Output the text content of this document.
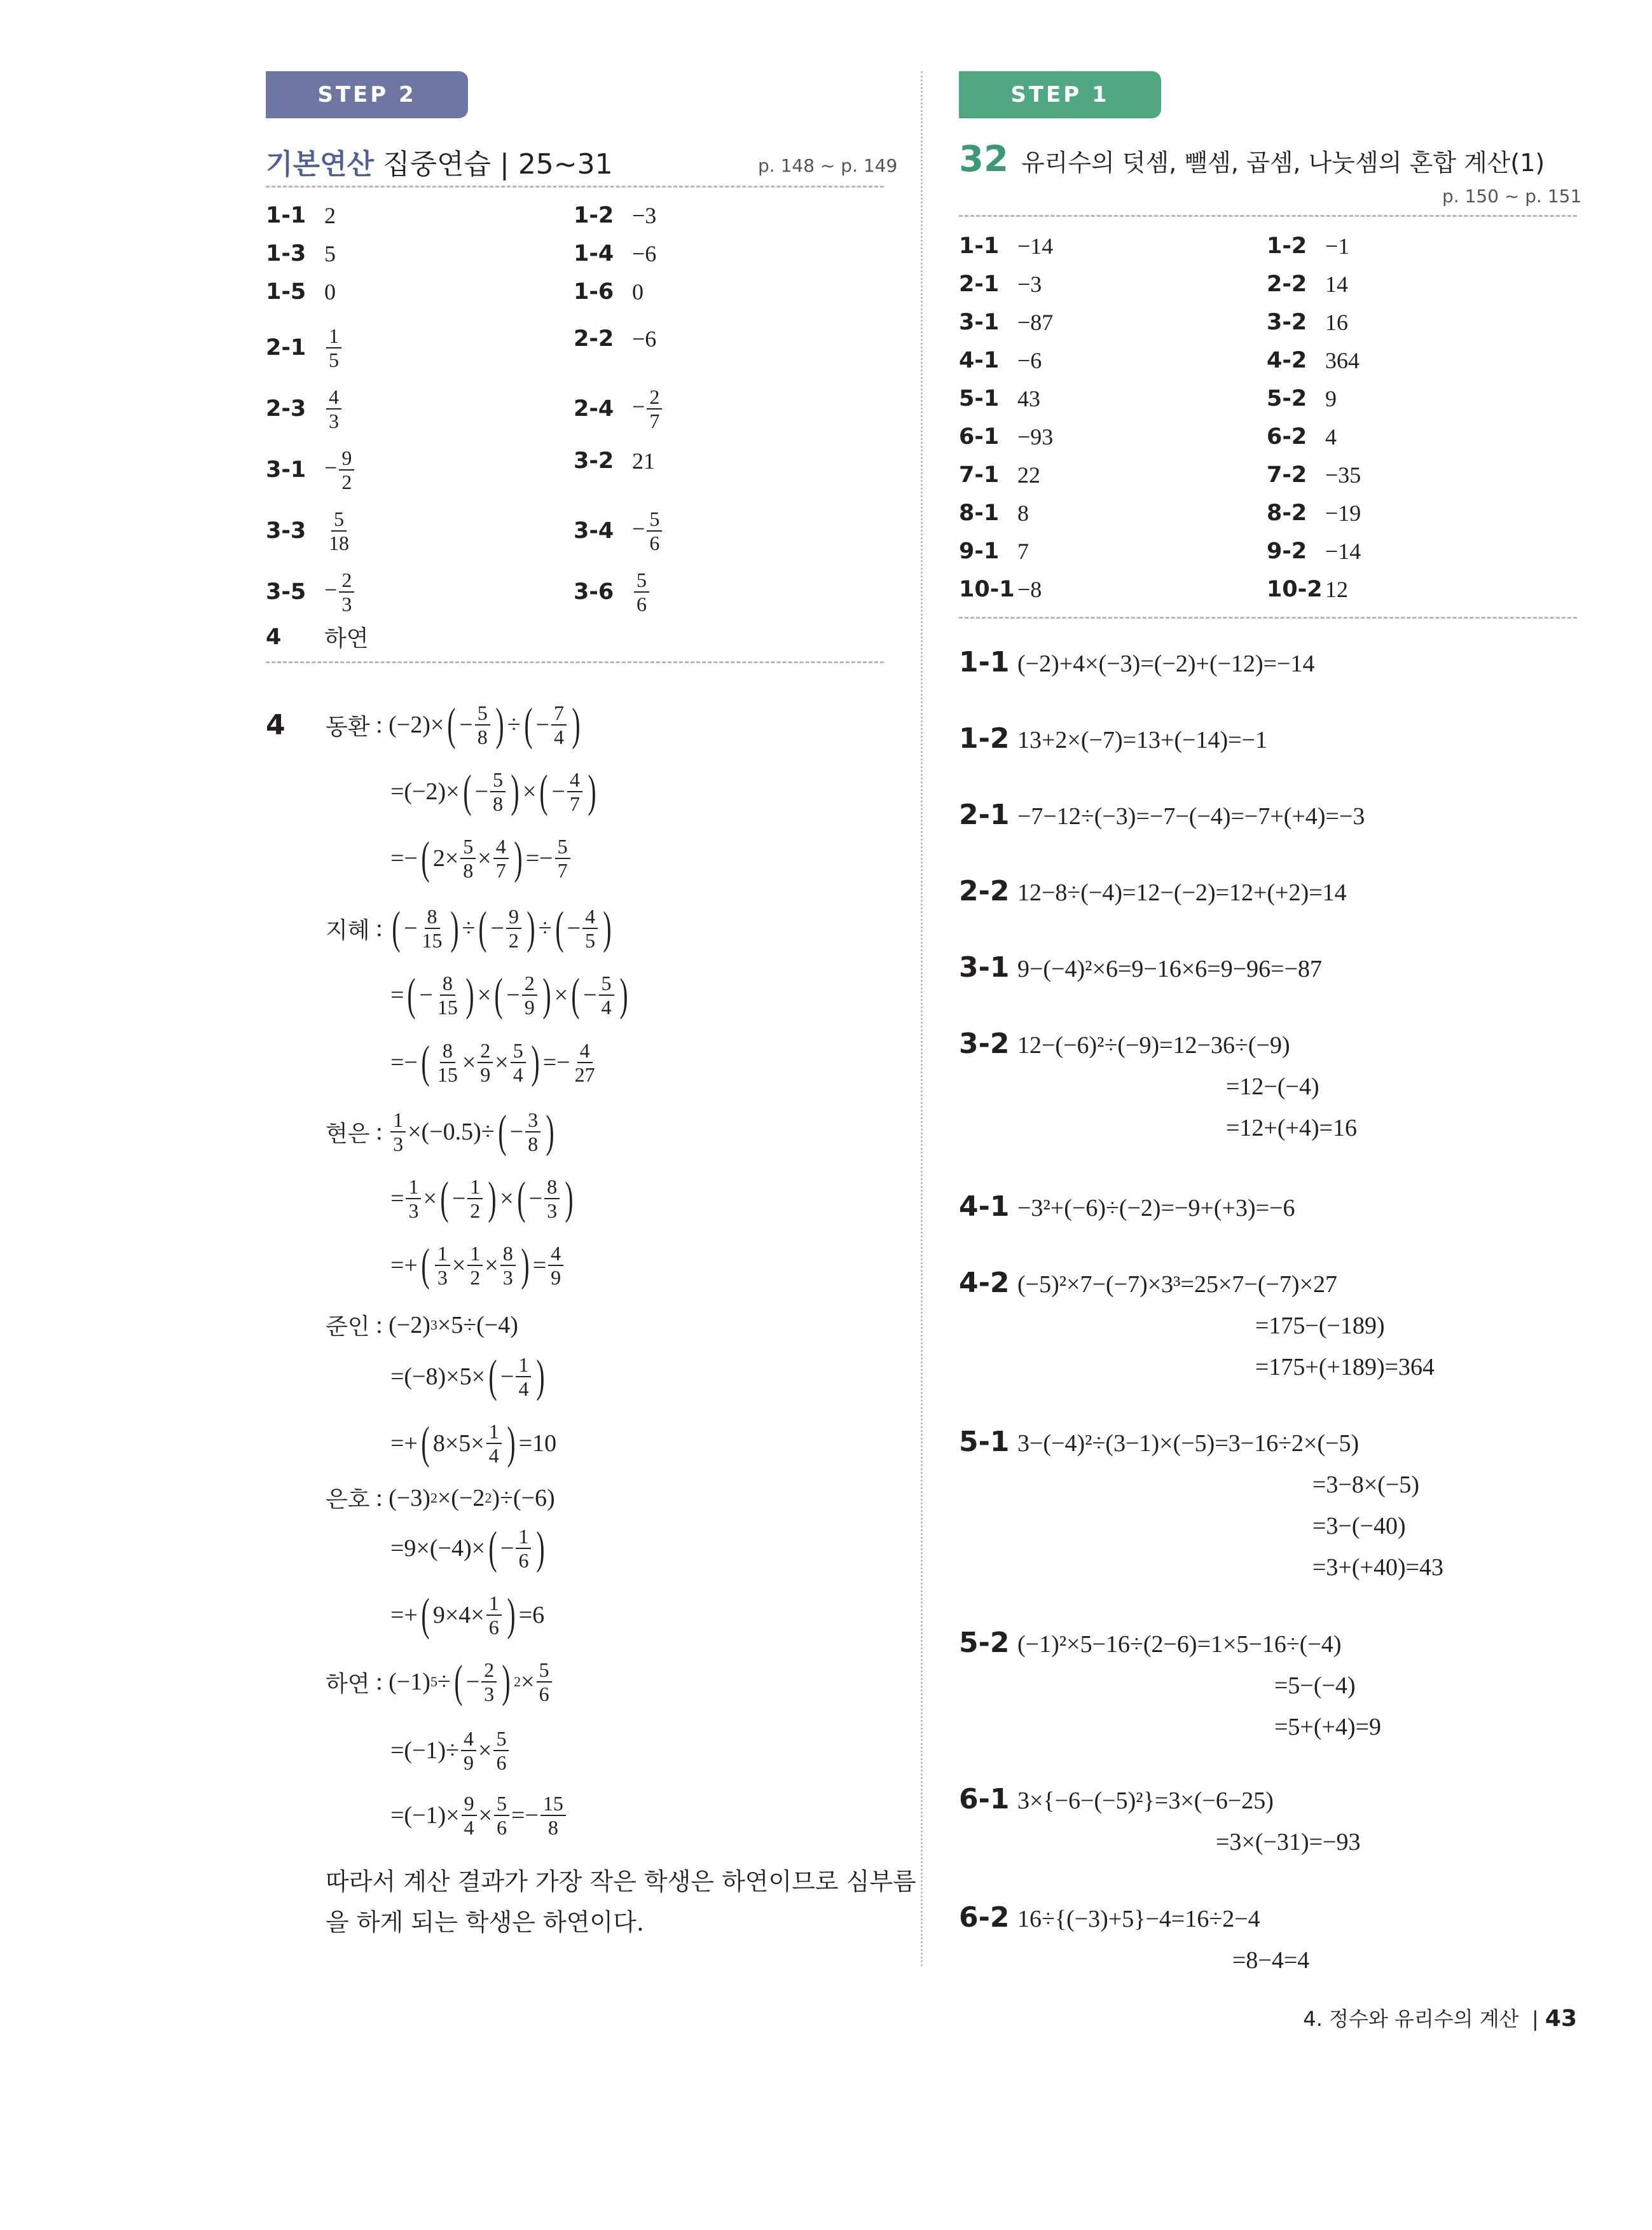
STEP 2	STEP 1
기본연산 집중연습 | 25~31	p. 148 ~ p. 149
1-1 2	1-2 −3
1-3 5	1-4 −6
1-5 0	1-6 0
$2-1 \frac{1}{5}$	2-2 −6
$2-3 \frac{4}{3}$	$2-4 - \frac{2}{7}$
$3-1 - \frac{9}{2}$	3-2 21
$3-3 \frac{5}{18}$	$3-4 - \frac{5}{6}$
$3-5 - \frac{2}{3}$	$3-6 \frac{5}{6}$
4	하연
4 동환 : (−2)× ( − $\frac{5}{8}$ ) ÷ ( − $\frac{7}{4}$ )
=(−2)× ( − $\frac{5}{8}$ ) × ( − $\frac{4}{7}$ )
=− ( $2\times \frac{5}{8} \times \frac{4}{7}$ ) =− $\frac{5}{7}$
지혜 : ( − $\frac{8}{15}$ ) ÷ ( − $\frac{9}{2}$ ) ÷ ( − $\frac{4}{5}$ )
= ( − $\frac{8}{15}$ ) × ( − $\frac{2}{9}$ ) × ( − $\frac{5}{4}$ )
=− ( $\frac{8}{15} \times \frac{2}{9} \times \frac{5}{4}$ ) =− $\frac{4}{27}$
현은 : $\frac{1}{3} \times(-0.5)\div$ ( − $\frac{3}{8}$ )
= $\frac{1}{3}$ × ( − $\frac{1}{2}$ ) × ( − $\frac{8}{3}$ )
=+ ( $\frac{1}{3} \times \frac{1}{2} \times \frac{8}{3}$ ) = $\frac{4}{9}$
준인 : (−2) 3 ×5÷(−4)
=(−8)×5× ( − $\frac{1}{4}$ )
=+ ( $8\times 5\times \frac{1}{4}$ ) =10
은호 : (−3) 2 ×(−2 2 )÷(−6)
=9×(−4)× ( − $\frac{1}{6}$ )
=+ ( $9\times 4\times \frac{1}{6}$ ) =6
하연 : (−1) 5 ÷ ( − $\frac{2}{3}$ ) $2 \times \frac{5}{6}$
$=(-1)\div \frac{4}{9} \times \frac{5}{6}$
$=(-1)\times \frac{9}{4} \times \frac{5}{6} =- \frac{15}{8}$
따라서 계산 결과가 가장 작은 학생은 하연이므로 심부름
을 하게 되는 학생은 하연이다.
32 유리수의 덧셈, 뺄셈, 곱셈, 나눗셈의 혼합 계산(1)
p. 150 ~ p. 151
1-1 −14	1-2 −1
2-1 −3	2-2 14
3-1 −87	3-2 16
4-1 −6	4-2 364
5-1 43	5-2 9
6-1 −93	6-2 4
7-1 22	7-2 −35
8-1 8	8-2 −19
9-1 7	9-2 −14
10-1 −8	10-2 12
1-1 (−2)+4×(−3)=(−2)+(−12)=−14
1-2 13+2×(−7)=13+(−14)=−1
2-1 −7−12÷(−3)=−7−(−4)=−7+(+4)=−3
2-2 12−8÷(−4)=12−(−2)=12+(+2)=14
3-1 9−(−4)²×6=9−16×6=9−96=−87
3-2 12−(−6)²÷(−9)=12−36÷(−9)
=12−(−4)
=12+(+4)=16
4-1 −3²+(−6)÷(−2)=−9+(+3)=−6
4-2 (−5)²×7−(−7)×3³=25×7−(−7)×27
=175−(−189)
=175+(+189)=364
5-1 3−(−4)²÷(3−1)×(−5)=3−16÷2×(−5)
=3−8×(−5)
=3−(−40)
=3+(+40)=43
5-2 (−1)²×5−16÷(2−6)=1×5−16÷(−4)
=5−(−4)
=5+(+4)=9
6-1 3×{−6−(−5)²}=3×(−6−25)
=3×(−31)=−93
6-2 16÷{(−3)+5}−4=16÷2−4
=8−4=4
4. 정수와 유리수의 계산  | 43
